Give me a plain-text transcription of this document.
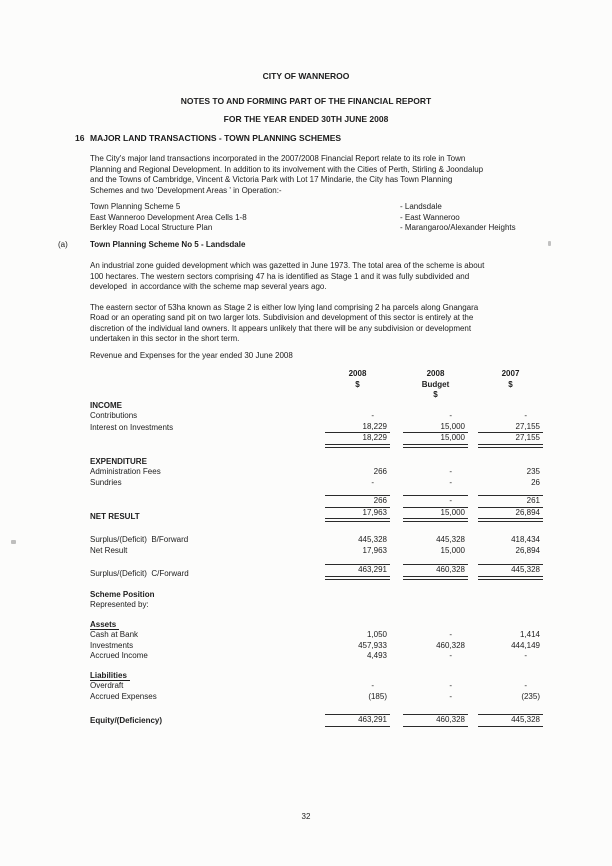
CITY OF WANNEROO
NOTES TO AND FORMING PART OF THE FINANCIAL REPORT
FOR THE YEAR ENDED 30TH JUNE 2008
16 MAJOR LAND TRANSACTIONS - TOWN PLANNING SCHEMES
The City's major land transactions incorporated in the 2007/2008 Financial Report relate to its role in Town
Planning and Regional Development. In addition to its involvement with the Cities of Perth, Stirling & Joondalup
and the Towns of Cambridge, Vincent & Victoria Park with Lot 17 Mindarie, the City has Town Planning
Schemes and two 'Development Areas ' in Operation:-
Town Planning Scheme 5	- Landsdale
East Wanneroo Development Area Cells 1-8	- East Wanneroo
Berkley Road Local Structure Plan	- Marangaroo/Alexander Heights
(a)	Town Planning Scheme No 5 - Landsdale
An industrial zone guided development which was gazetted in June 1973. The total area of the scheme is about
100 hectares. The western sectors comprising 47 ha is identified as Stage 1 and it was fully subdivided and
developed  in accordance with the scheme map several years ago.
The eastern sector of 53ha known as Stage 2 is either low lying land comprising 2 ha parcels along Gnangara
Road or an operating sand pit on two larger lots. Subdivision and development of this sector is entirely at the
discretion of the individual land owners. It appears unlikely that there will be any subdivision or development
undertaken in this sector in the short term.
Revenue and Expenses for the year ended 30 June 2008
2008
$
2008
Budget
$
2007
$
INCOME
Contributions	-	-	-
Interest on Investments	18,229	15,000	27,155
18,229	15,000	27,155
EXPENDITURE
Administration Fees	266	-	235
Sundries	-	-	26
266	-	261
NET RESULT	17,963	15,000	26,894
Surplus/(Deficit)  B/Forward	445,328	445,328	418,434
Net Result	17,963	15,000	26,894
Surplus/(Deficit)  C/Forward	463,291	460,328	445,328
Scheme Position
Represented by:
Assets
Cash at Bank	1,050	-	1,414
Investments	457,933	460,328	444,149
Accrued Income	4,493	-	-
Liabilities
Overdraft	-	-	-
Accrued Expenses	(185)	-	(235)
Equity/(Deficiency)	463,291	460,328	445,328
32
